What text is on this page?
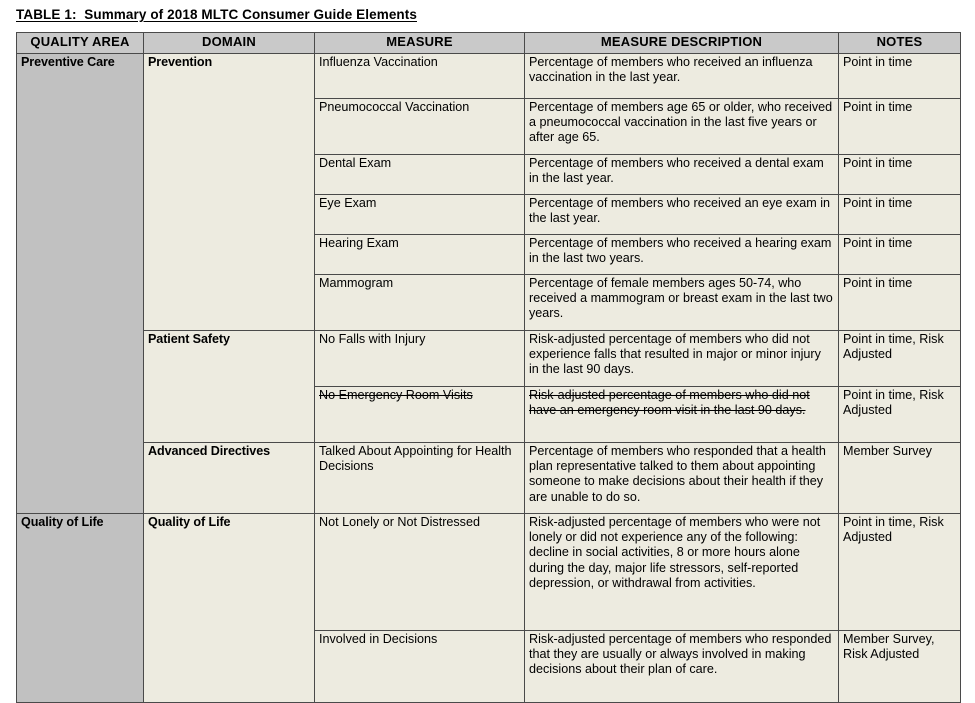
TABLE 1:  Summary of 2018 MLTC Consumer Guide Elements
QUALITY AREA	DOMAIN	MEASURE	MEASURE DESCRIPTION	NOTES
Preventive Care	Prevention	Influenza Vaccination	Percentage of members who received an influenza vaccination in the last year.	Point in time
		Pneumococcal Vaccination	Percentage of members age 65 or older, who received a pneumococcal vaccination in the last five years or after age 65.	Point in time
		Dental Exam	Percentage of members who received a dental exam in the last year.	Point in time
		Eye Exam	Percentage of members who received an eye exam in the last year.	Point in time
		Hearing Exam	Percentage of members who received a hearing exam in the last two years.	Point in time
		Mammogram	Percentage of female members ages 50-74, who received a mammogram or breast exam in the last two years.	Point in time
	Patient Safety	No Falls with Injury	Risk-adjusted percentage of members who did not experience falls that resulted in major or minor injury in the last 90 days.	Point in time, Risk Adjusted
		No Emergency Room Visits	Risk-adjusted percentage of members who did not have an emergency room visit in the last 90 days.	Point in time, Risk Adjusted
	Advanced Directives	Talked About Appointing for Health Decisions	Percentage of members who responded that a health plan representative talked to them about appointing someone to make decisions about their health if they are unable to do so.	Member Survey
Quality of Life	Quality of Life	Not Lonely or Not Distressed	Risk-adjusted percentage of members who were not lonely or did not experience any of the following: decline in social activities, 8 or more hours alone during the day, major life stressors, self-reported depression, or withdrawal from activities.	Point in time, Risk Adjusted
		Involved in Decisions	Risk-adjusted percentage of members who responded that they are usually or always involved in making decisions about their plan of care.	Member Survey, Risk Adjusted
